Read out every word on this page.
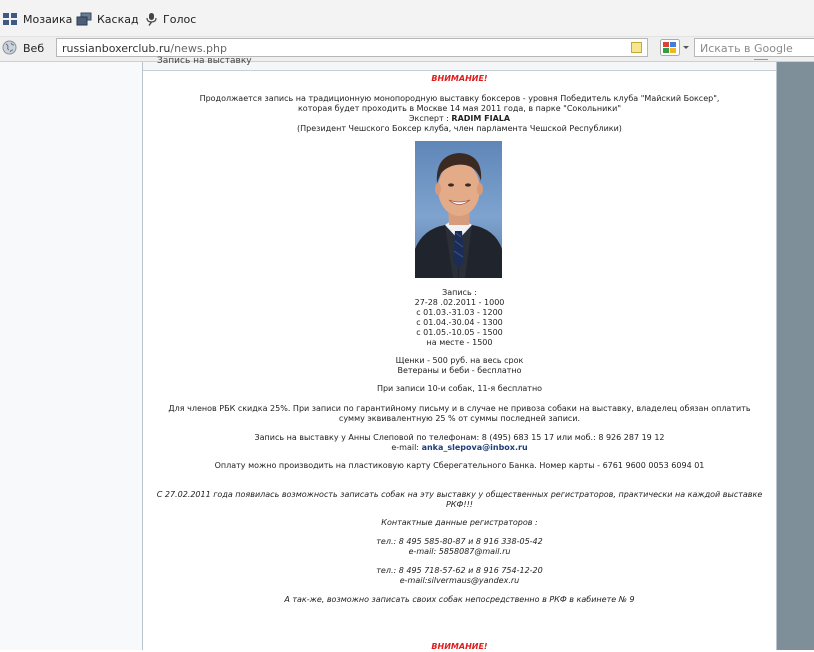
Мозаика Каскад Голос
Веб russianboxerclub.ru/news.php	Искать в Google
Запись на выставку
ВНИМАНИЕ!
Продолжается запись на традиционную монопородную выставку боксеров - уровня Победитель клуба "Майский Боксер",
которая будет проходить в Москве 14 мая 2011 года, в парке "Сокольники"
Эксперт : RADIM FIALA
(Президент Чешского Боксер клуба, член парламента Чешской Республики)
Запись :
27-28 .02.2011 - 1000
с 01.03.-31.03 - 1200
с 01.04.-30.04 - 1300
с 01.05.-10.05 - 1500
на месте - 1500
Щенки - 500 руб. на весь срок
Ветераны и беби - бесплатно
При записи 10-и собак, 11-я бесплатно
Для членов РБК скидка 25%. При записи по гарантийному письму и в случае не привоза собаки на выставку, владелец обязан оплатить
сумму эквивалентную 25 % от суммы последней записи.
Запись на выставку у Анны Слеповой по телефонам: 8 (495) 683 15 17 или моб.: 8 926 287 19 12
e-mail: anka_slepova@inbox.ru
Оплату можно производить на пластиковую карту Сберегательного Банка. Номер карты - 6761 9600 0053 6094 01
С 27.02.2011 года появилась возможность записать собак на эту выставку у общественных регистраторов, практически на каждой выставке
РКФ!!!
Контактные данные регистраторов :
тел.: 8 495 585-80-87 и 8 916 338-05-42
e-mail: 5858087@mail.ru
тел.: 8 495 718-57-62 и 8 916 754-12-20
e-mail:silvermaus@yandex.ru
А так-же, возможно записать своих собак непосредственно в РКФ в кабинете № 9
ВНИМАНИЕ!
